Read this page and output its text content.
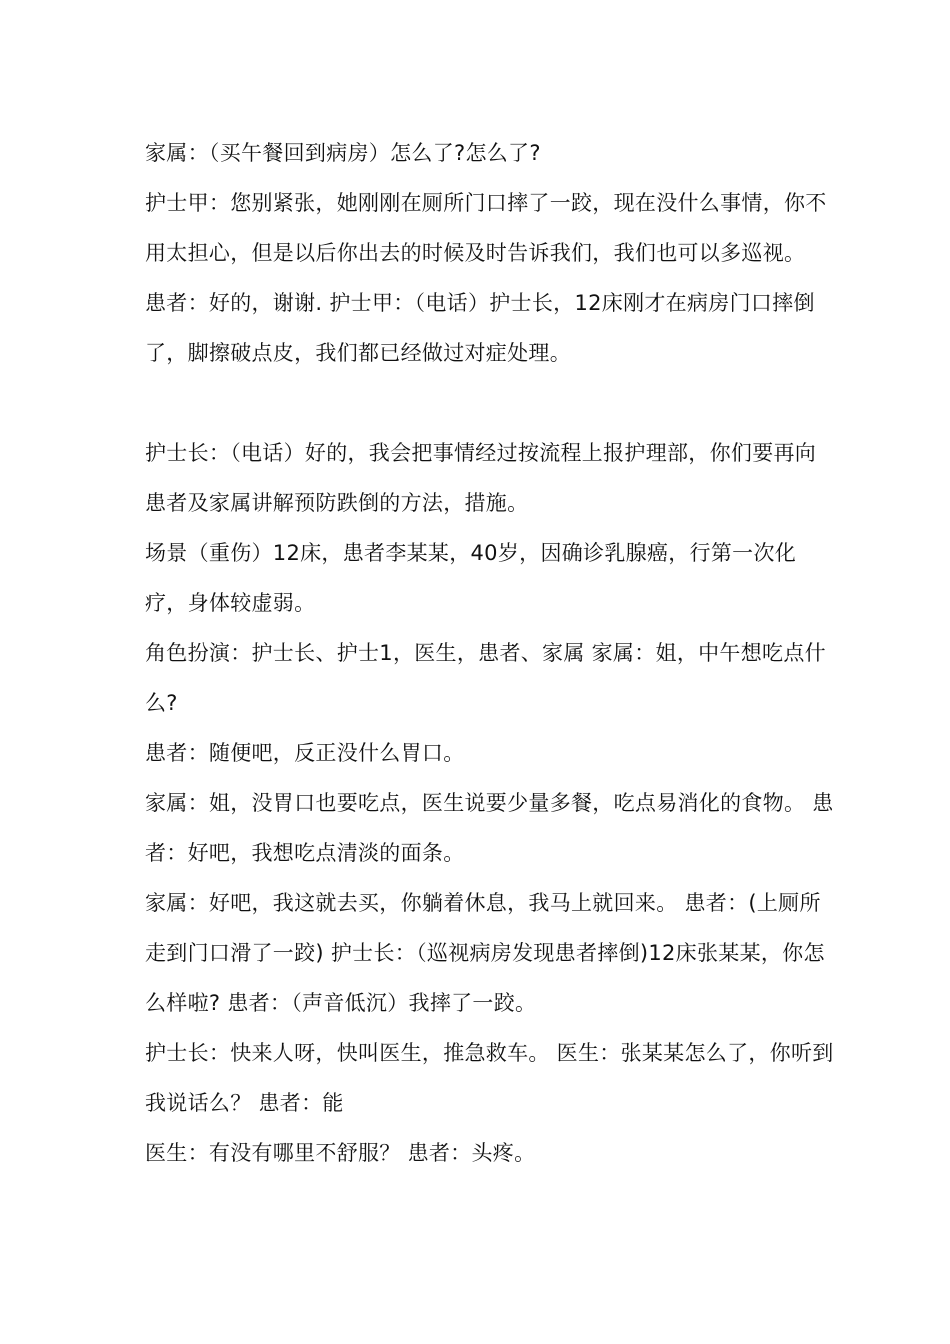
家属：（买午餐回到病房）怎么了?怎么了?

护士甲：您别紧张，她刚刚在厕所门口摔了一跤，现在没什么事情，你不用太担心，但是以后你出去的时候及时告诉我们，我们也可以多巡视。

患者：好的，谢谢. 护士甲：（电话）护士长，12床刚才在病房门口摔倒了，脚擦破点皮，我们都已经做过对症处理。

护士长：（电话）好的，我会把事情经过按流程上报护理部，你们要再向患者及家属讲解预防跌倒的方法，措施。

场景（重伤）12床，患者李某某，40岁，因确诊乳腺癌，行第一次化疗，身体较虚弱。

角色扮演：护士长、护士1，医生，患者、家属 家属：姐，中午想吃点什么?

患者：随便吧，反正没什么胃口。

家属：姐，没胃口也要吃点，医生说要少量多餐，吃点易消化的食物。 患者：好吧，我想吃点清淡的面条。

家属：好吧，我这就去买，你躺着休息，我马上就回来。 患者：(上厕所走到门口滑了一跤) 护士长：（巡视病房发现患者摔倒)12床张某某，你怎么样啦? 患者：（声音低沉）我摔了一跤。

护士长：快来人呀，快叫医生，推急救车。 医生：张某某怎么了，你听到我说话么？ 患者：能

医生：有没有哪里不舒服？ 患者：头疼。
